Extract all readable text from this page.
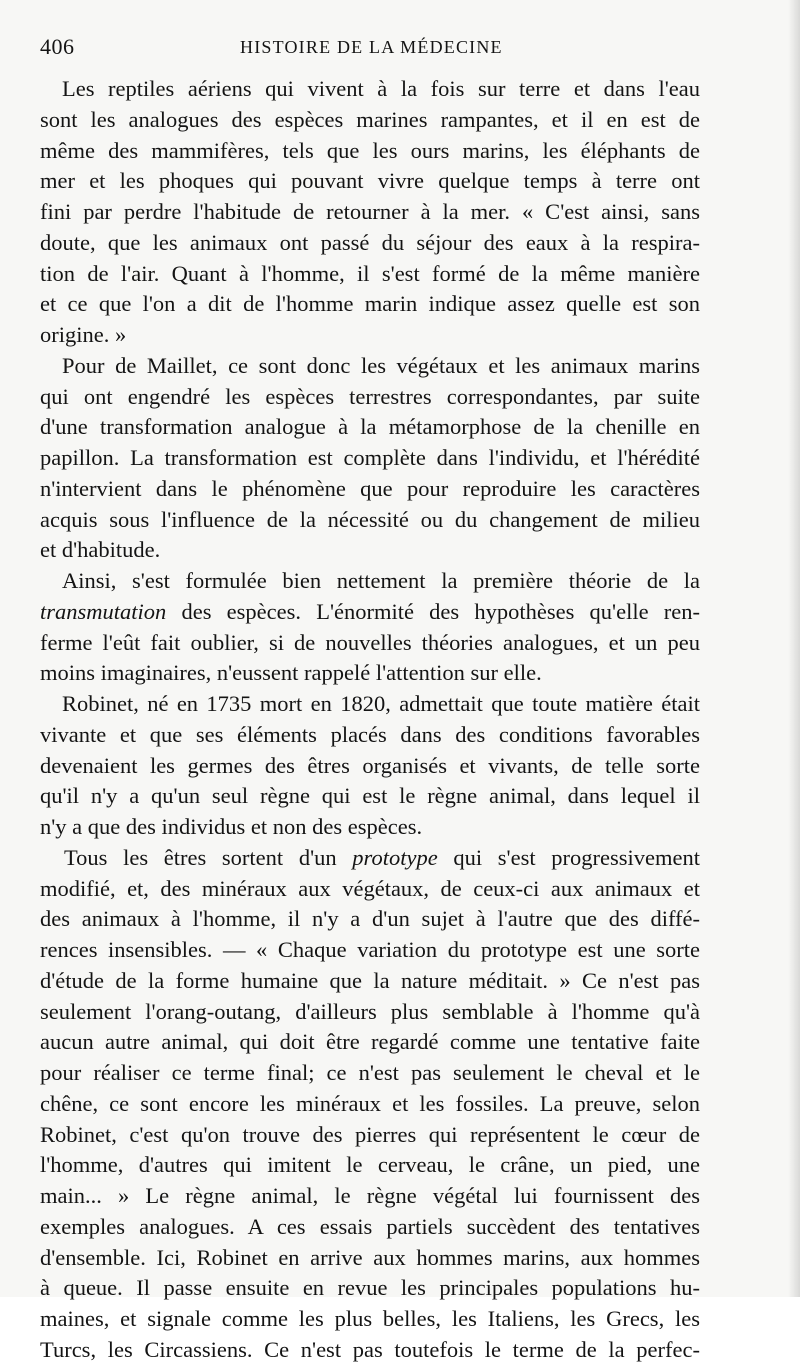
406	HISTOIRE DE LA MÉDECINE
Les reptiles aériens qui vivent à la fois sur terre et dans l'eau
sont les analogues des espèces marines rampantes, et il en est de
même des mammifères, tels que les ours marins, les éléphants de
mer et les phoques qui pouvant vivre quelque temps à terre ont
fini par perdre l'habitude de retourner à la mer. « C'est ainsi, sans
doute, que les animaux ont passé du séjour des eaux à la respira-
tion de l'air. Quant à l'homme, il s'est formé de la même manière
et ce que l'on a dit de l'homme marin indique assez quelle est son
origine. »
Pour de Maillet, ce sont donc les végétaux et les animaux marins
qui ont engendré les espèces terrestres correspondantes, par suite
d'une transformation analogue à la métamorphose de la chenille en
papillon. La transformation est complète dans l'individu, et l'hérédité
n'intervient dans le phénomène que pour reproduire les caractères
acquis sous l'influence de la nécessité ou du changement de milieu
et d'habitude.
Ainsi, s'est formulée bien nettement la première théorie de la
transmutation des espèces. L'énormité des hypothèses qu'elle ren-
ferme l'eût fait oublier, si de nouvelles théories analogues, et un peu
moins imaginaires, n'eussent rappelé l'attention sur elle.
Robinet, né en 1735 mort en 1820, admettait que toute matière était
vivante et que ses éléments placés dans des conditions favorables
devenaient les germes des êtres organisés et vivants, de telle sorte
qu'il n'y a qu'un seul règne qui est le règne animal, dans lequel il
n'y a que des individus et non des espèces.
Tous les êtres sortent d'un prototype qui s'est progressivement
modifié, et, des minéraux aux végétaux, de ceux-ci aux animaux et
des animaux à l'homme, il n'y a d'un sujet à l'autre que des diffé-
rences insensibles. — « Chaque variation du prototype est une sorte
d'étude de la forme humaine que la nature méditait. » Ce n'est pas
seulement l'orang-outang, d'ailleurs plus semblable à l'homme qu'à
aucun autre animal, qui doit être regardé comme une tentative faite
pour réaliser ce terme final; ce n'est pas seulement le cheval et le
chêne, ce sont encore les minéraux et les fossiles. La preuve, selon
Robinet, c'est qu'on trouve des pierres qui représentent le cœur de
l'homme, d'autres qui imitent le cerveau, le crâne, un pied, une
main... » Le règne animal, le règne végétal lui fournissent des
exemples analogues. A ces essais partiels succèdent des tentatives
d'ensemble. Ici, Robinet en arrive aux hommes marins, aux hommes
à queue. Il passe ensuite en revue les principales populations hu-
maines, et signale comme les plus belles, les Italiens, les Grecs, les
Turcs, les Circassiens. Ce n'est pas toutefois le terme de la perfec-
